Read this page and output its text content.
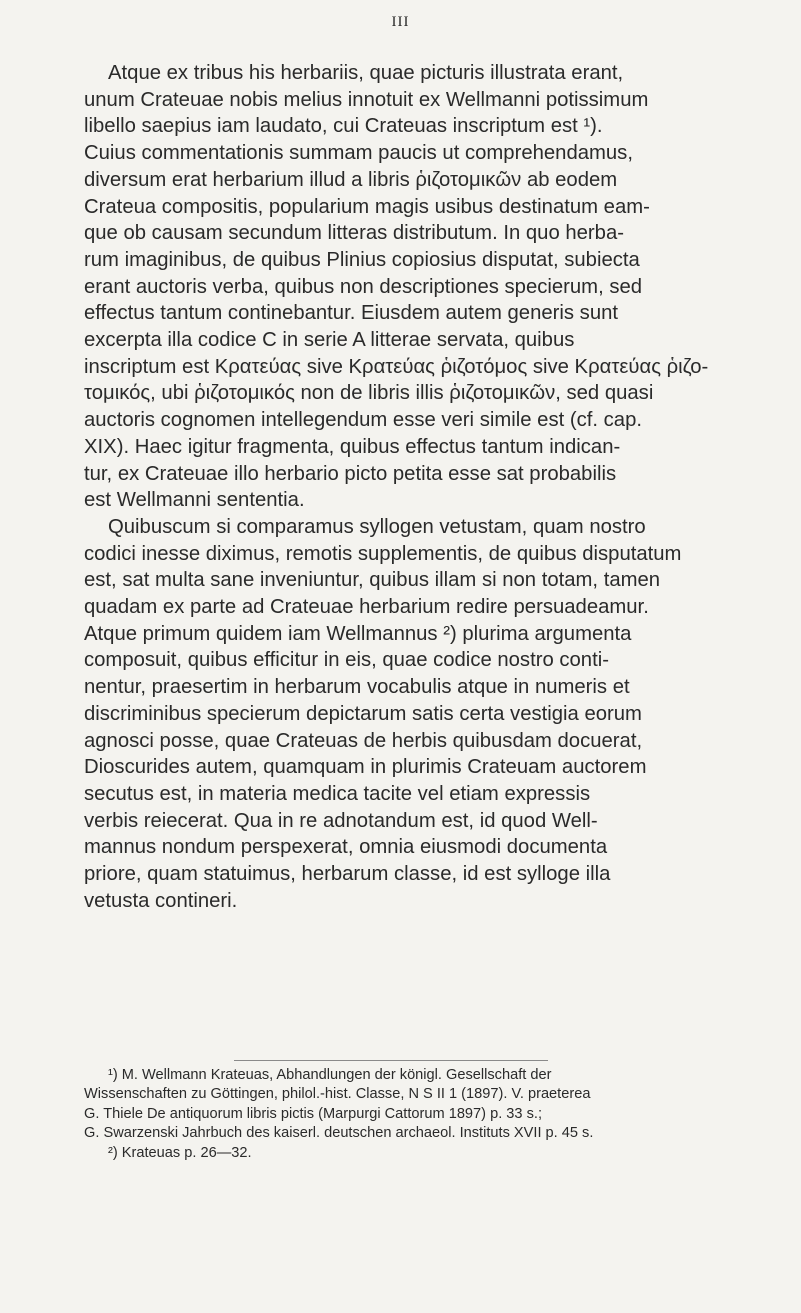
III

Atque ex tribus his herbariis, quae picturis illustrata erant,
unum Crateuae nobis melius innotuit ex Wellmanni potissimum
libello saepius iam laudato, cui Crateuas inscriptum est ¹).
Cuius commentationis summam paucis ut comprehendamus,
diversum erat herbarium illud a libris ῥιζοτομικῶν ab eodem
Crateua compositis, popularium magis usibus destinatum eam-
que ob causam secundum litteras distributum. In quo herba-
rum imaginibus, de quibus Plinius copiosius disputat, subiecta
erant auctoris verba, quibus non descriptiones specierum, sed
effectus tantum continebantur. Eiusdem autem generis sunt
excerpta illa codice C in serie A litterae servata, quibus
inscriptum est Κρατεύας sive Κρατεύας ῥιζοτόμος sive Κρατεύας ῥιζο-
τομικός, ubi ῥιζοτομικός non de libris illis ῥιζοτομικῶν, sed quasi
auctoris cognomen intellegendum esse veri simile est (cf. cap.
XIX). Haec igitur fragmenta, quibus effectus tantum indican-
tur, ex Crateuae illo herbario picto petita esse sat probabilis
est Wellmanni sententia.

Quibuscum si comparamus syllogen vetustam, quam nostro
codici inesse diximus, remotis supplementis, de quibus disputatum
est, sat multa sane inveniuntur, quibus illam si non totam, tamen
quadam ex parte ad Crateuae herbarium redire persuadeamur.
Atque primum quidem iam Wellmannus ²) plurima argumenta
composuit, quibus efficitur in eis, quae codice nostro conti-
nentur, praesertim in herbarum vocabulis atque in numeris et
discriminibus specierum depictarum satis certa vestigia eorum
agnosci posse, quae Crateuas de herbis quibusdam docuerat,
Dioscurides autem, quamquam in plurimis Crateuam auctorem
secutus est, in materia medica tacite vel etiam expressis
verbis reiecerat. Qua in re adnotandum est, id quod Well-
mannus nondum perspexerat, omnia eiusmodi documenta
priore, quam statuimus, herbarum classe, id est sylloge illa
vetusta contineri.

¹) M. Wellmann Krateuas, Abhandlungen der königl. Gesellschaft der
Wissenschaften zu Göttingen, philol.-hist. Classe, N S II 1 (1897). V. praeterea
G. Thiele De antiquorum libris pictis (Marpurgi Cattorum 1897) p. 33 s.;
G. Swarzenski Jahrbuch des kaiserl. deutschen archaeol. Instituts XVII p. 45 s.
²) Krateuas p. 26—32.
